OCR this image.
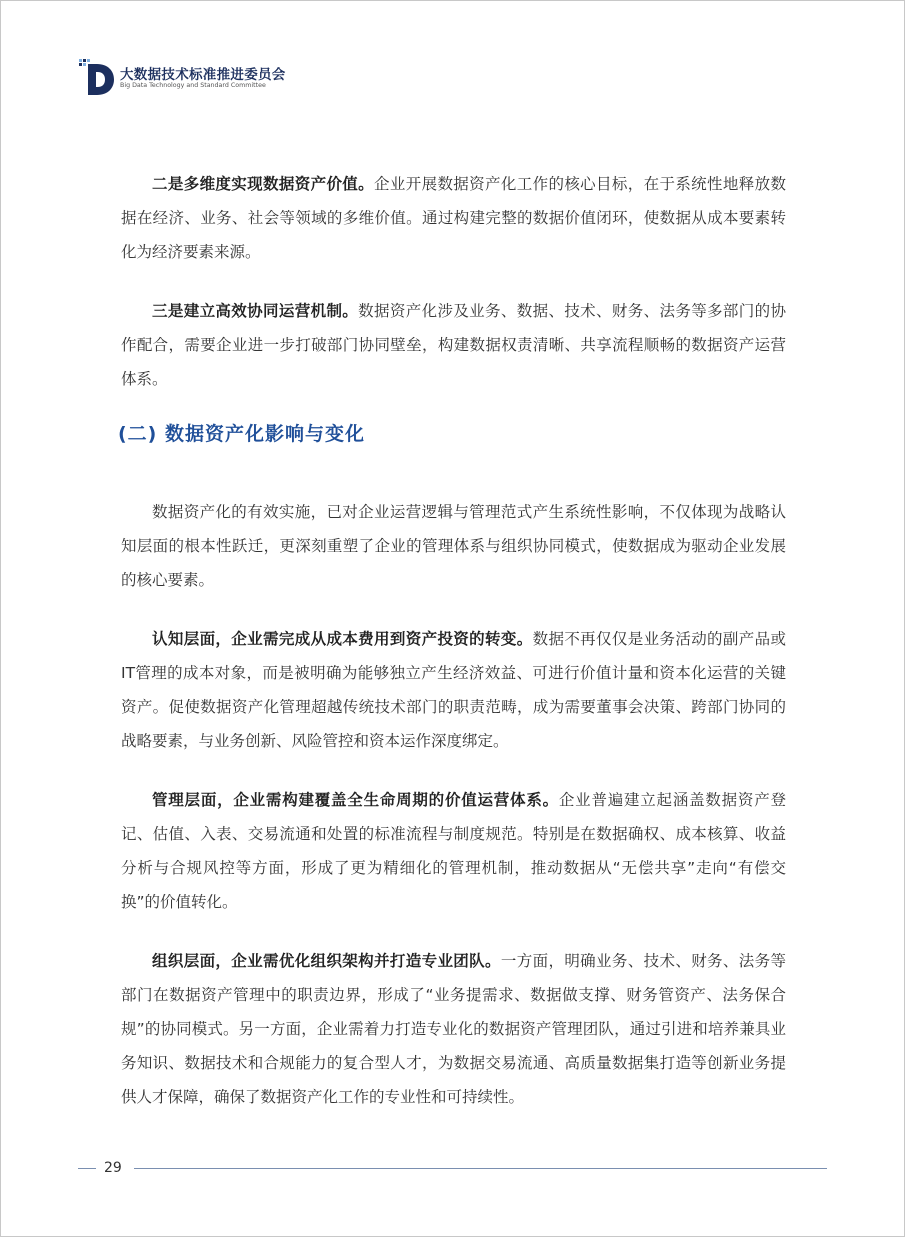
大数据技术标准推进委员会
Big Data Technology and Standard Committee

二是多维度实现数据资产价值。企业开展数据资产化工作的核心目标，在于系统性地释放数据在经济、业务、社会等领域的多维价值。通过构建完整的数据价值闭环，使数据从成本要素转化为经济要素来源。

三是建立高效协同运营机制。数据资产化涉及业务、数据、技术、财务、法务等多部门的协作配合，需要企业进一步打破部门协同壁垒，构建数据权责清晰、共享流程顺畅的数据资产运营体系。

(二) 数据资产化影响与变化

数据资产化的有效实施，已对企业运营逻辑与管理范式产生系统性影响，不仅体现为战略认知层面的根本性跃迁，更深刻重塑了企业的管理体系与组织协同模式，使数据成为驱动企业发展的核心要素。

认知层面，企业需完成从成本费用到资产投资的转变。数据不再仅仅是业务活动的副产品或IT管理的成本对象，而是被明确为能够独立产生经济效益、可进行价值计量和资本化运营的关键资产。促使数据资产化管理超越传统技术部门的职责范畴，成为需要董事会决策、跨部门协同的战略要素，与业务创新、风险管控和资本运作深度绑定。

管理层面，企业需构建覆盖全生命周期的价值运营体系。企业普遍建立起涵盖数据资产登记、估值、入表、交易流通和处置的标准流程与制度规范。特别是在数据确权、成本核算、收益分析与合规风控等方面，形成了更为精细化的管理机制，推动数据从“无偿共享”走向“有偿交换”的价值转化。

组织层面，企业需优化组织架构并打造专业团队。一方面，明确业务、技术、财务、法务等部门在数据资产管理中的职责边界，形成了“业务提需求、数据做支撑、财务管资产、法务保合规”的协同模式。另一方面，企业需着力打造专业化的数据资产管理团队，通过引进和培养兼具业务知识、数据技术和合规能力的复合型人才，为数据交易流通、高质量数据集打造等创新业务提供人才保障，确保了数据资产化工作的专业性和可持续性。

29
